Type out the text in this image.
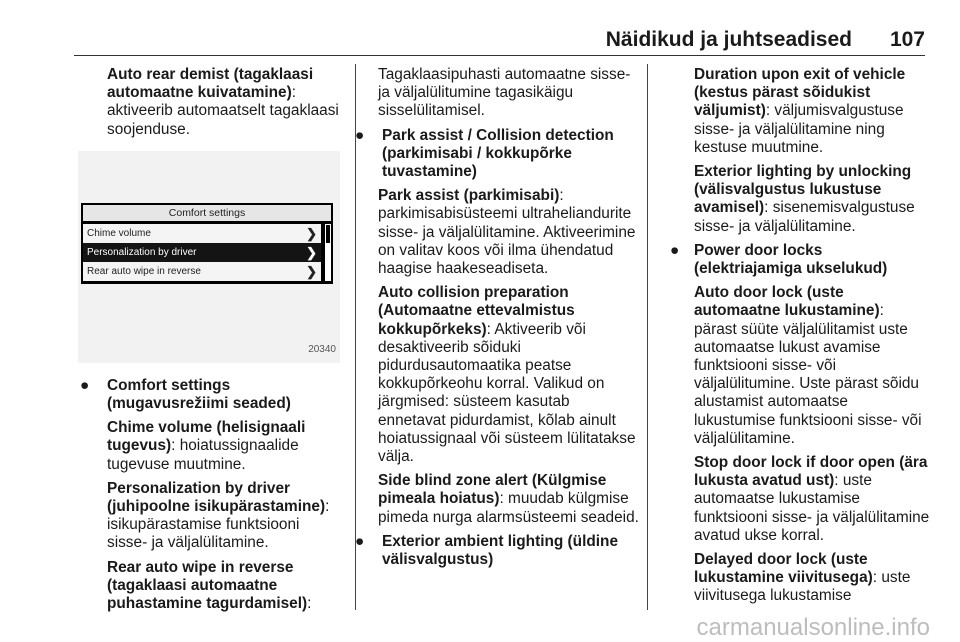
Näidikud ja juhtseadised 107

Auto rear demist (tagaklaasi automaatne kuivatamine): aktiveerib automaatselt tagaklaasi soojenduse.

Comfort settings
Chime volume	❯
Personalization by driver	❯
Rear auto wipe in reverse	❯
20340

● Comfort settings (mugavusrežiimi seaded)

Chime volume (helisignaali tugevus): hoiatussignaalide tugevuse muutmine.

Personalization by driver (juhipoolne isikupärastamine): isikupärastamise funktsiooni sisse- ja väljalülitamine.

Rear auto wipe in reverse (tagaklaasi automaatne puhastamine tagurdamisel):

Tagaklaasipuhasti automaatne sisse- ja väljalülitumine tagasikäigu sisselülitamisel.

● Park assist / Collision detection (parkimisabi / kokkupõrke tuvastamine)

Park assist (parkimisabi): parkimisabisüsteemi ultraheliandurite sisse- ja väljalülitamine. Aktiveerimine on valitav koos või ilma ühendatud haagise haakeseadiseta.

Auto collision preparation (Automaatne ettevalmistus kokkupõrkeks): Aktiveerib või desaktiveerib sõiduki pidurdusautomaatika peatse kokkupõrkeohu korral. Valikud on järgmised: süsteem kasutab ennetavat pidurdamist, kõlab ainult hoiatussignaal või süsteem lülitatakse välja.

Side blind zone alert (Külgmise pimeala hoiatus): muudab külgmise pimeda nurga alarmsüsteemi seadeid.

● Exterior ambient lighting (üldine välisvalgustus)

Duration upon exit of vehicle (kestus pärast sõidukist väljumist): väljumisvalgustuse sisse- ja väljalülitamine ning kestuse muutmine.

Exterior lighting by unlocking (välisvalgustus lukustuse avamisel): sisenemisvalgustuse sisse- ja väljalülitamine.

● Power door locks (elektriajamiga ukselukud)

Auto door lock (uste automaatne lukustamine): pärast süüte väljalülitamist uste automaatse lukust avamise funktsiooni sisse- või väljalülitumine. Uste pärast sõidu alustamist automaatse lukustumise funktsiooni sisse- või väljalülitamine.

Stop door lock if door open (ära lukusta avatud ust): uste automaatse lukustamise funktsiooni sisse- ja väljalülitamine avatud ukse korral.

Delayed door lock (uste lukustamine viivitusega): uste viivitusega lukustamise

carmanualsonline.info
